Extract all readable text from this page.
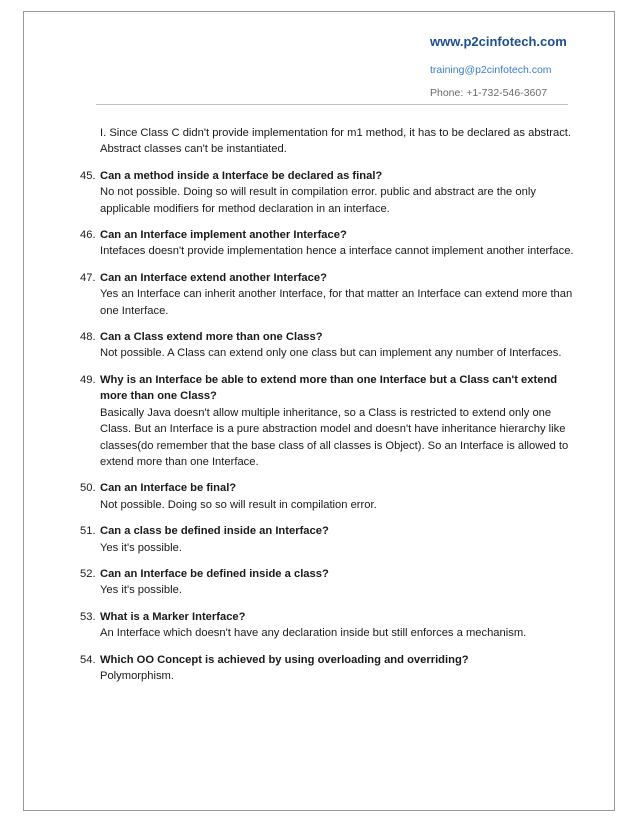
www.p2cinfotech.com
training@p2cinfotech.com
Phone: +1-732-546-3607
I. Since Class C didn't provide implementation for m1 method, it has to be declared as abstract. Abstract classes can't be instantiated.
45. Can a method inside a Interface be declared as final?
No not possible. Doing so will result in compilation error. public and abstract are the only applicable modifiers for method declaration in an interface.
46. Can an Interface implement another Interface?
Intefaces doesn't provide implementation hence a interface cannot implement another interface.
47. Can an Interface extend another Interface?
Yes an Interface can inherit another Interface, for that matter an Interface can extend more than one Interface.
48. Can a Class extend more than one Class?
Not possible. A Class can extend only one class but can implement any number of Interfaces.
49. Why is an Interface be able to extend more than one Interface but a Class can't extend more than one Class?
Basically Java doesn't allow multiple inheritance, so a Class is restricted to extend only one Class. But an Interface is a pure abstraction model and doesn't have inheritance hierarchy like classes(do remember that the base class of all classes is Object). So an Interface is allowed to extend more than one Interface.
50. Can an Interface be final?
Not possible. Doing so so will result in compilation error.
51. Can a class be defined inside an Interface?
Yes it's possible.
52. Can an Interface be defined inside a class?
Yes it's possible.
53. What is a Marker Interface?
An Interface which doesn't have any declaration inside but still enforces a mechanism.
54. Which OO Concept is achieved by using overloading and overriding?
Polymorphism.
